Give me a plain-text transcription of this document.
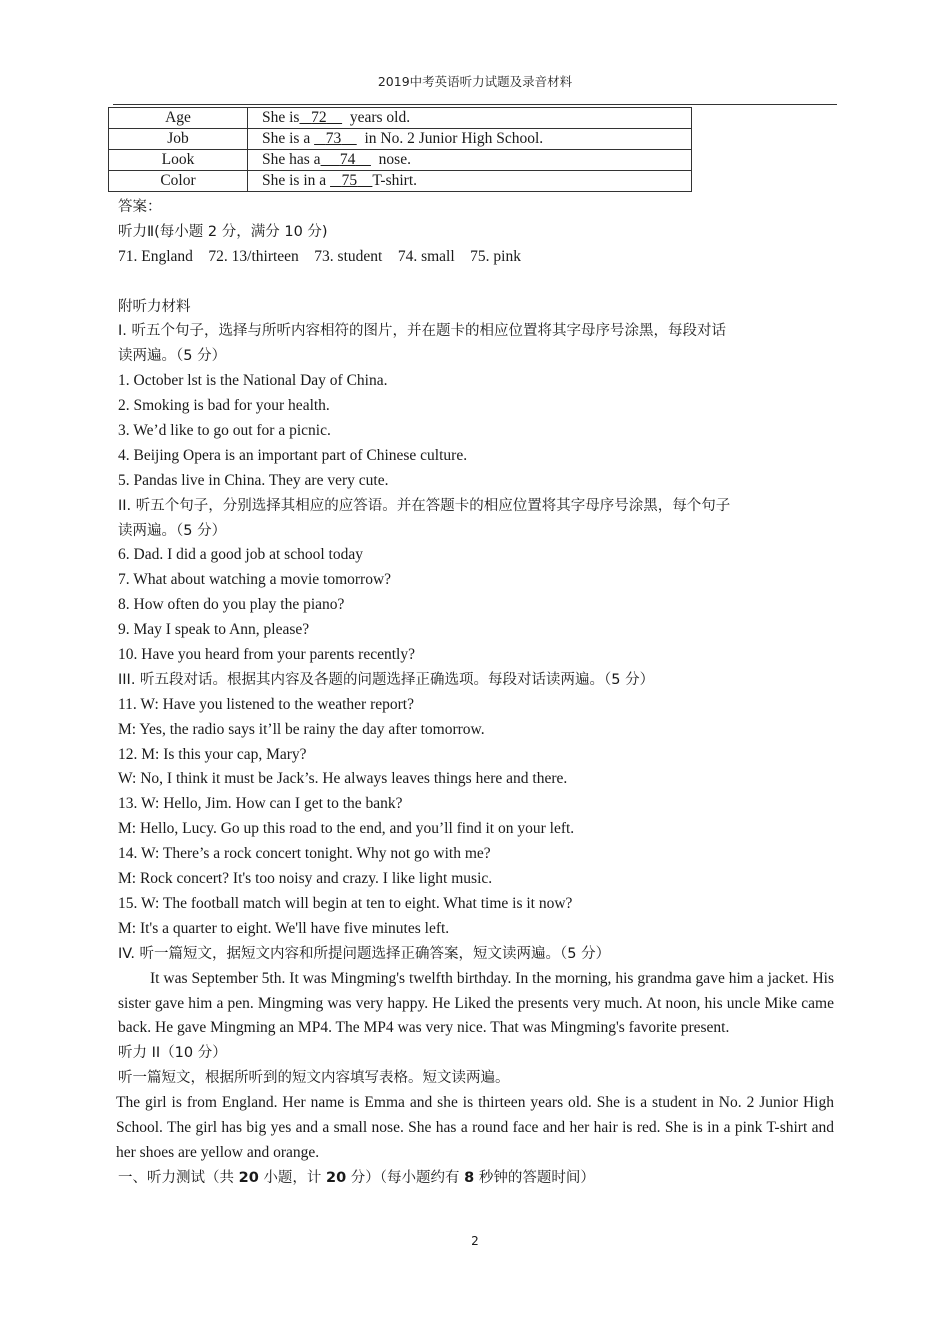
2019中考英语听力试题及录音材料
Age	She is 72      years old.
Job	She is a    73      in No. 2 Junior High School.
Look	She has a 74      nose.
Color	She is in a    75 T-shirt.
答案：
听力Ⅱ(每小题 2 分，满分 10 分)
71. England    72. 13/thirteen    73. student    74. small    75. pink
附听力材料
I. 听五个句子，选择与所听内容相符的图片，并在题卡的相应位置将其字母序号涂黑，每段对话
读两遍。（5 分）
1. October lst is the National Day of China.
2. Smoking is bad for your health.
3. We’d like to go out for a picnic.
4. Beijing Opera is an important part of Chinese culture.
5. Pandas live in China. They are very cute.
II. 听五个句子，分别选择其相应的应答语。并在答题卡的相应位置将其字母序号涂黑，每个句子
读两遍。（5 分）
6. Dad. I did a good job at school today
7. What about watching a movie tomorrow?
8. How often do you play the piano?
9. May I speak to Ann, please?
10. Have you heard from your parents recently?
III. 听五段对话。根据其内容及各题的问题选择正确选项。每段对话读两遍。（5 分）
11. W: Have you listened to the weather report?
M: Yes, the radio says it’ll be rainy the day after tomorrow.
12. M: Is this your cap, Mary?
W: No, I think it must be Jack’s. He always leaves things here and there.
13. W: Hello, Jim. How can I get to the bank?
M: Hello, Lucy. Go up this road to the end, and you’ll find it on your left.
14. W: There’s a rock concert tonight. Why not go with me?
M: Rock concert? It's too noisy and crazy. I like light music.
15. W: The football match will begin at ten to eight. What time is it now?
M: It's a quarter to eight. We'll have five minutes left.
IV. 听一篇短文，据短文内容和所提问题选择正确答案，短文读两遍。（5 分）
It was September 5th. It was Mingming's twelfth birthday. In the morning, his grandma gave him a jacket. His sister gave him a pen. Mingming was very happy. He Liked the presents very much. At noon, his uncle Mike came back. He gave Mingming an MP4. The MP4 was very nice. That was Mingming's favorite present.
听力 II（10 分）
听一篇短文，根据所听到的短文内容填写表格。短文读两遍。
The girl is from England. Her name is Emma and she is thirteen years old. She is a student in No. 2 Junior High School. The girl has big yes and a small nose. She has a round face and her hair is red. She is in a pink T-shirt and her shoes are yellow and orange.
一、听力测试（共 20 小题，计 20 分）（每小题约有 8 秒钟的答题时间）
2
